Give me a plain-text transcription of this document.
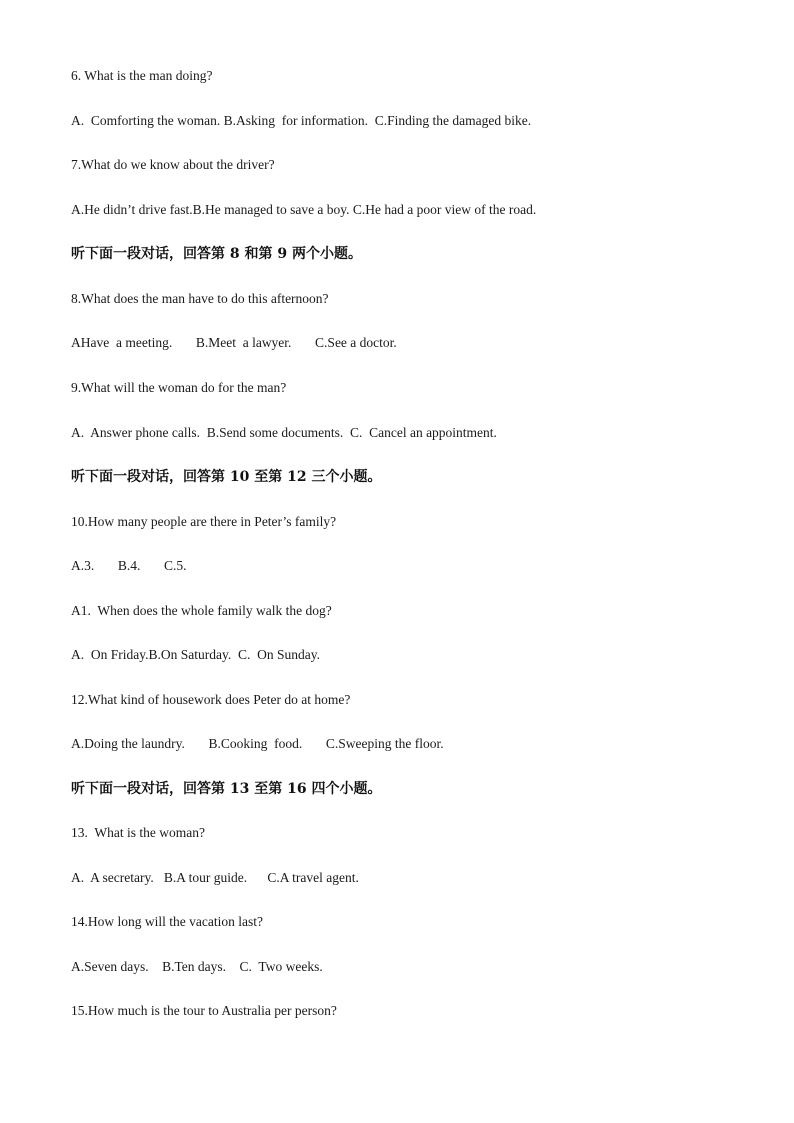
6. What is the man doing?

A.  Comforting the woman. B.Asking  for information.  C.Finding the damaged bike.

7.What do we know about the driver?

A.He didn’t drive fast.B.He managed to save a boy. C.He had a poor view of the road.

听下面一段对话，回答第 8 和第 9 两个小题。

8.What does the man have to do this afternoon?

AHave  a meeting.       B.Meet  a lawyer.       C.See a doctor.

9.What will the woman do for the man?

A.  Answer phone calls.  B.Send some documents.  C.  Cancel an appointment.

听下面一段对话，回答第 10 至第 12 三个小题。

10.How many people are there in Peter’s family?

A.3.       B.4.       C.5.

A1.  When does the whole family walk the dog?

A.  On Friday.B.On Saturday.  C.  On Sunday.

12.What kind of housework does Peter do at home?

A.Doing the laundry.       B.Cooking  food.       C.Sweeping the floor.

听下面一段对话，回答第 13 至第 16 四个小题。

13.  What is the woman?

A.  A secretary.   B.A tour guide.      C.A travel agent.

14.How long will the vacation last?

A.Seven days.    B.Ten days.    C.  Two weeks.

15.How much is the tour to Australia per person?
